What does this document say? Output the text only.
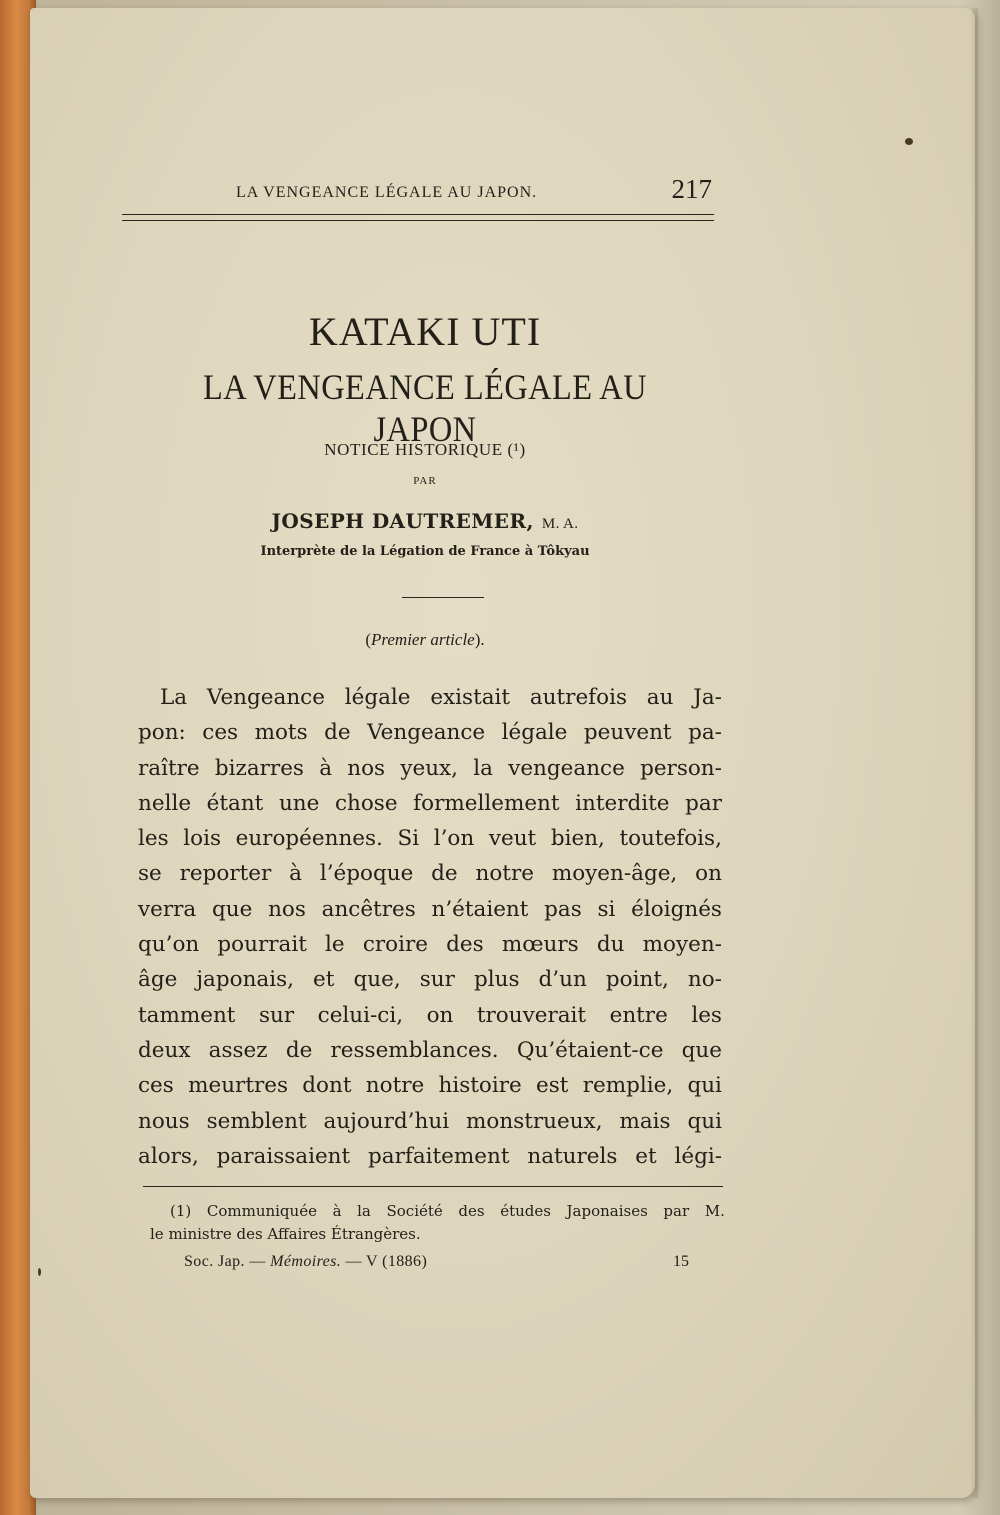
LA VENGEANCE LÉGALE AU JAPON.	217
KATAKI UTI
LA VENGEANCE LÉGALE AU JAPON
NOTICE HISTORIQUE (¹)
PAR
JOSEPH DAUTREMER, M. A.
Interprète de la Légation de France à Tôkyau
(Premier article).
La Vengeance légale existait autrefois au Ja-
pon: ces mots de Vengeance légale peuvent pa-
raître bizarres à nos yeux, la vengeance person-
nelle étant une chose formellement interdite par
les lois européennes. Si l’on veut bien, toutefois,
se reporter à l’époque de notre moyen-âge, on
verra que nos ancêtres n’étaient pas si éloignés
qu’on pourrait le croire des mœurs du moyen-
âge japonais, et que, sur plus d’un point, no-
tamment sur celui-ci, on trouverait entre les
deux assez de ressemblances. Qu’étaient-ce que
ces meurtres dont notre histoire est remplie, qui
nous semblent aujourd’hui monstrueux, mais qui
alors, paraissaient parfaitement naturels et légi-
(1) Communiquée à la Société des études Japonaises par M.
le ministre des Affaires Étrangères.
Soc. Jap. — Mémoires. — V (1886)	15
